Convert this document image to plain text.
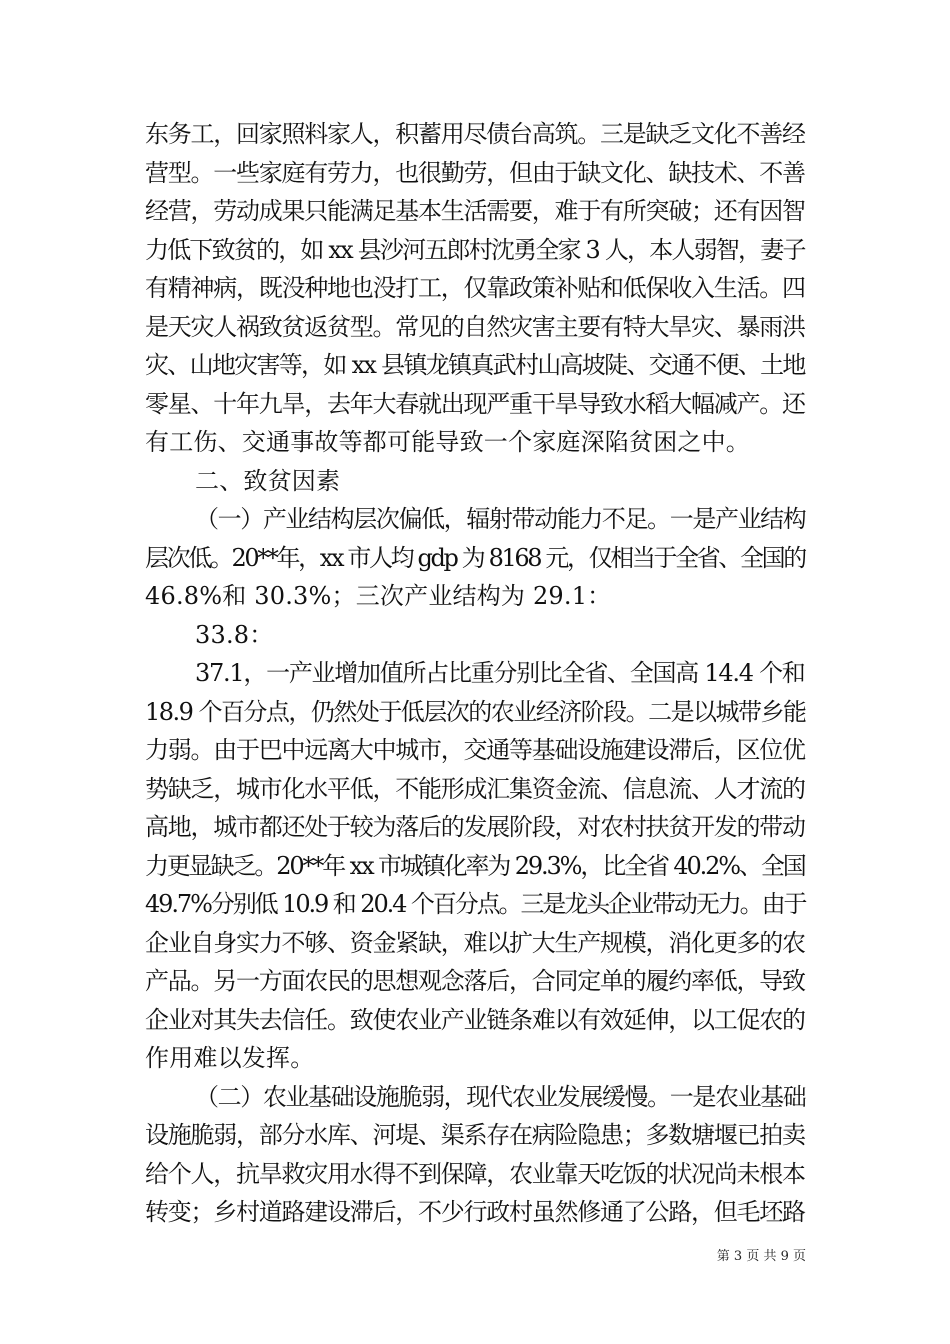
东务工，回家照料家人，积蓄用尽债台高筑。三是缺乏文化不善经
营型。一些家庭有劳力，也很勤劳，但由于缺文化、缺技术、不善
经营，劳动成果只能满足基本生活需要，难于有所突破；还有因智
力低下致贫的，如 xx 县沙河五郎村沈勇全家 3 人，本人弱智，妻子
有精神病，既没种地也没打工，仅靠政策补贴和低保收入生活。四
是天灾人祸致贫返贫型。常见的自然灾害主要有特大旱灾、暴雨洪
灾、山地灾害等，如 xx 县镇龙镇真武村山高坡陡、交通不便、土地
零星、十年九旱，去年大春就出现严重干旱导致水稻大幅减产。还
有工伤、交通事故等都可能导致一个家庭深陷贫困之中。
二、致贫因素
（一）产业结构层次偏低，辐射带动能力不足。一是产业结构
层次低。20**年，xx 市人均 gdp 为 8168 元，仅相当于全省、全国的
46.8%和 30.3%；三次产业结构为 29.1：
33.8：
37.1，一产业增加值所占比重分别比全省、全国高 14.4 个和
18.9 个百分点，仍然处于低层次的农业经济阶段。二是以城带乡能
力弱。由于巴中远离大中城市，交通等基础设施建设滞后，区位优
势缺乏，城市化水平低，不能形成汇集资金流、信息流、人才流的
高地，城市都还处于较为落后的发展阶段，对农村扶贫开发的带动
力更显缺乏。20**年 xx 市城镇化率为 29.3%，比全省 40.2%、全国
49.7%分别低 10.9 和 20.4 个百分点。三是龙头企业带动无力。由于
企业自身实力不够、资金紧缺，难以扩大生产规模，消化更多的农
产品。另一方面农民的思想观念落后，合同定单的履约率低，导致
企业对其失去信任。致使农业产业链条难以有效延伸，以工促农的
作用难以发挥。
（二）农业基础设施脆弱，现代农业发展缓慢。一是农业基础
设施脆弱，部分水库、河堤、渠系存在病险隐患；多数塘堰已拍卖
给个人，抗旱救灾用水得不到保障，农业靠天吃饭的状况尚未根本
转变；乡村道路建设滞后，不少行政村虽然修通了公路，但毛坯路
第 3 页 共 9 页
